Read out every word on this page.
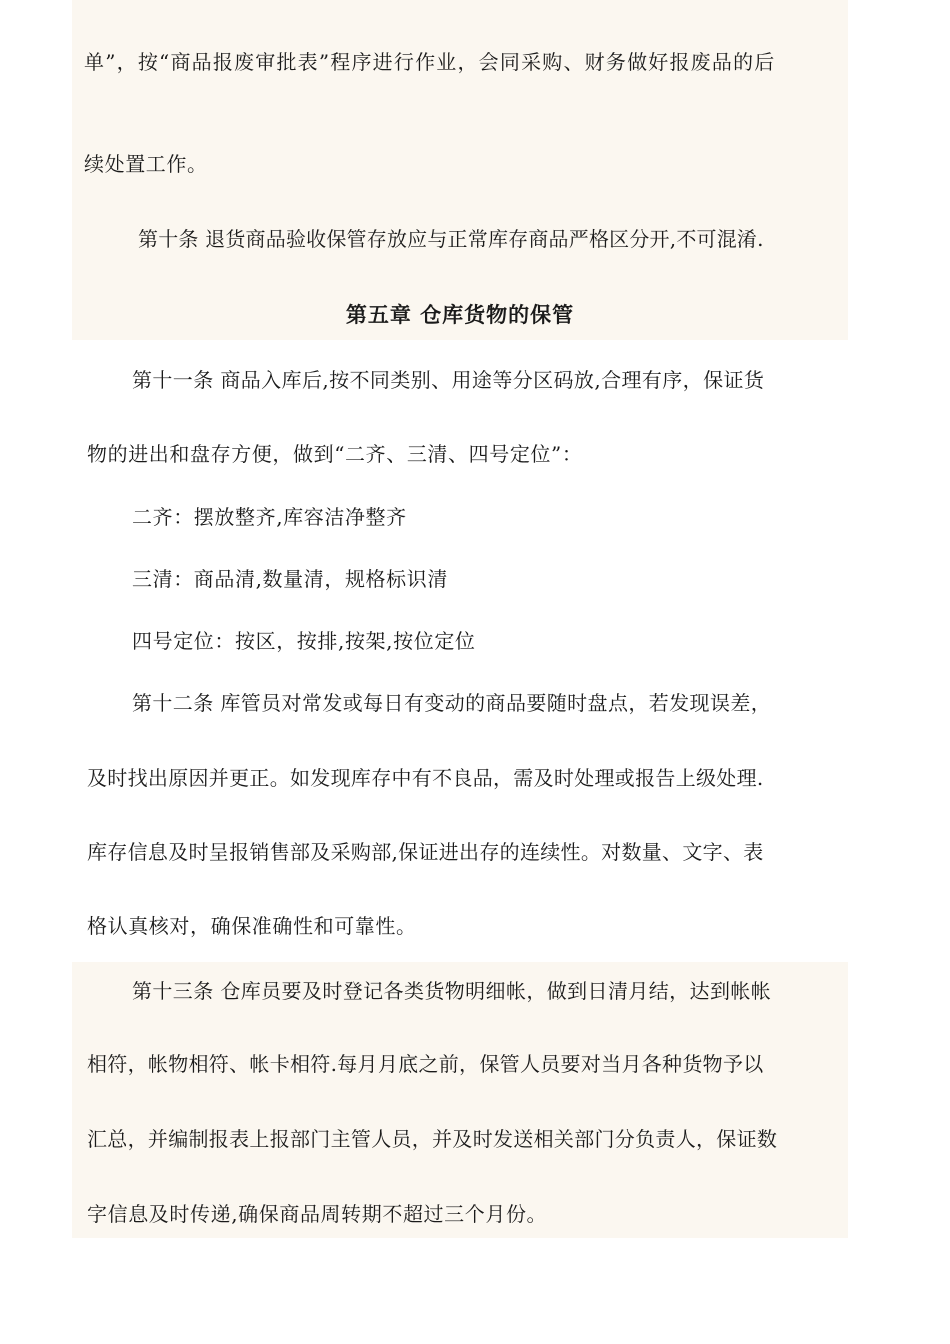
单”，按“商品报废审批表”程序进行作业，会同采购、财务做好报废品的后
续处置工作。
第十条 退货商品验收保管存放应与正常库存商品严格区分开,不可混淆.
第五章 仓库货物的保管
第十一条 商品入库后,按不同类别、用途等分区码放,合理有序，保证货
物的进出和盘存方便，做到“二齐、三清、四号定位”：
二齐：摆放整齐,库容洁净整齐
三清：商品清,数量清，规格标识清
四号定位：按区，按排,按架,按位定位
第十二条 库管员对常发或每日有变动的商品要随时盘点，若发现误差，
及时找出原因并更正。如发现库存中有不良品，需及时处理或报告上级处理.
库存信息及时呈报销售部及采购部,保证进出存的连续性。对数量、文字、表
格认真核对，确保准确性和可靠性。
第十三条 仓库员要及时登记各类货物明细帐，做到日清月结，达到帐帐
相符，帐物相符、帐卡相符.每月月底之前，保管人员要对当月各种货物予以
汇总，并编制报表上报部门主管人员，并及时发送相关部门分负责人，保证数
字信息及时传递,确保商品周转期不超过三个月份。
